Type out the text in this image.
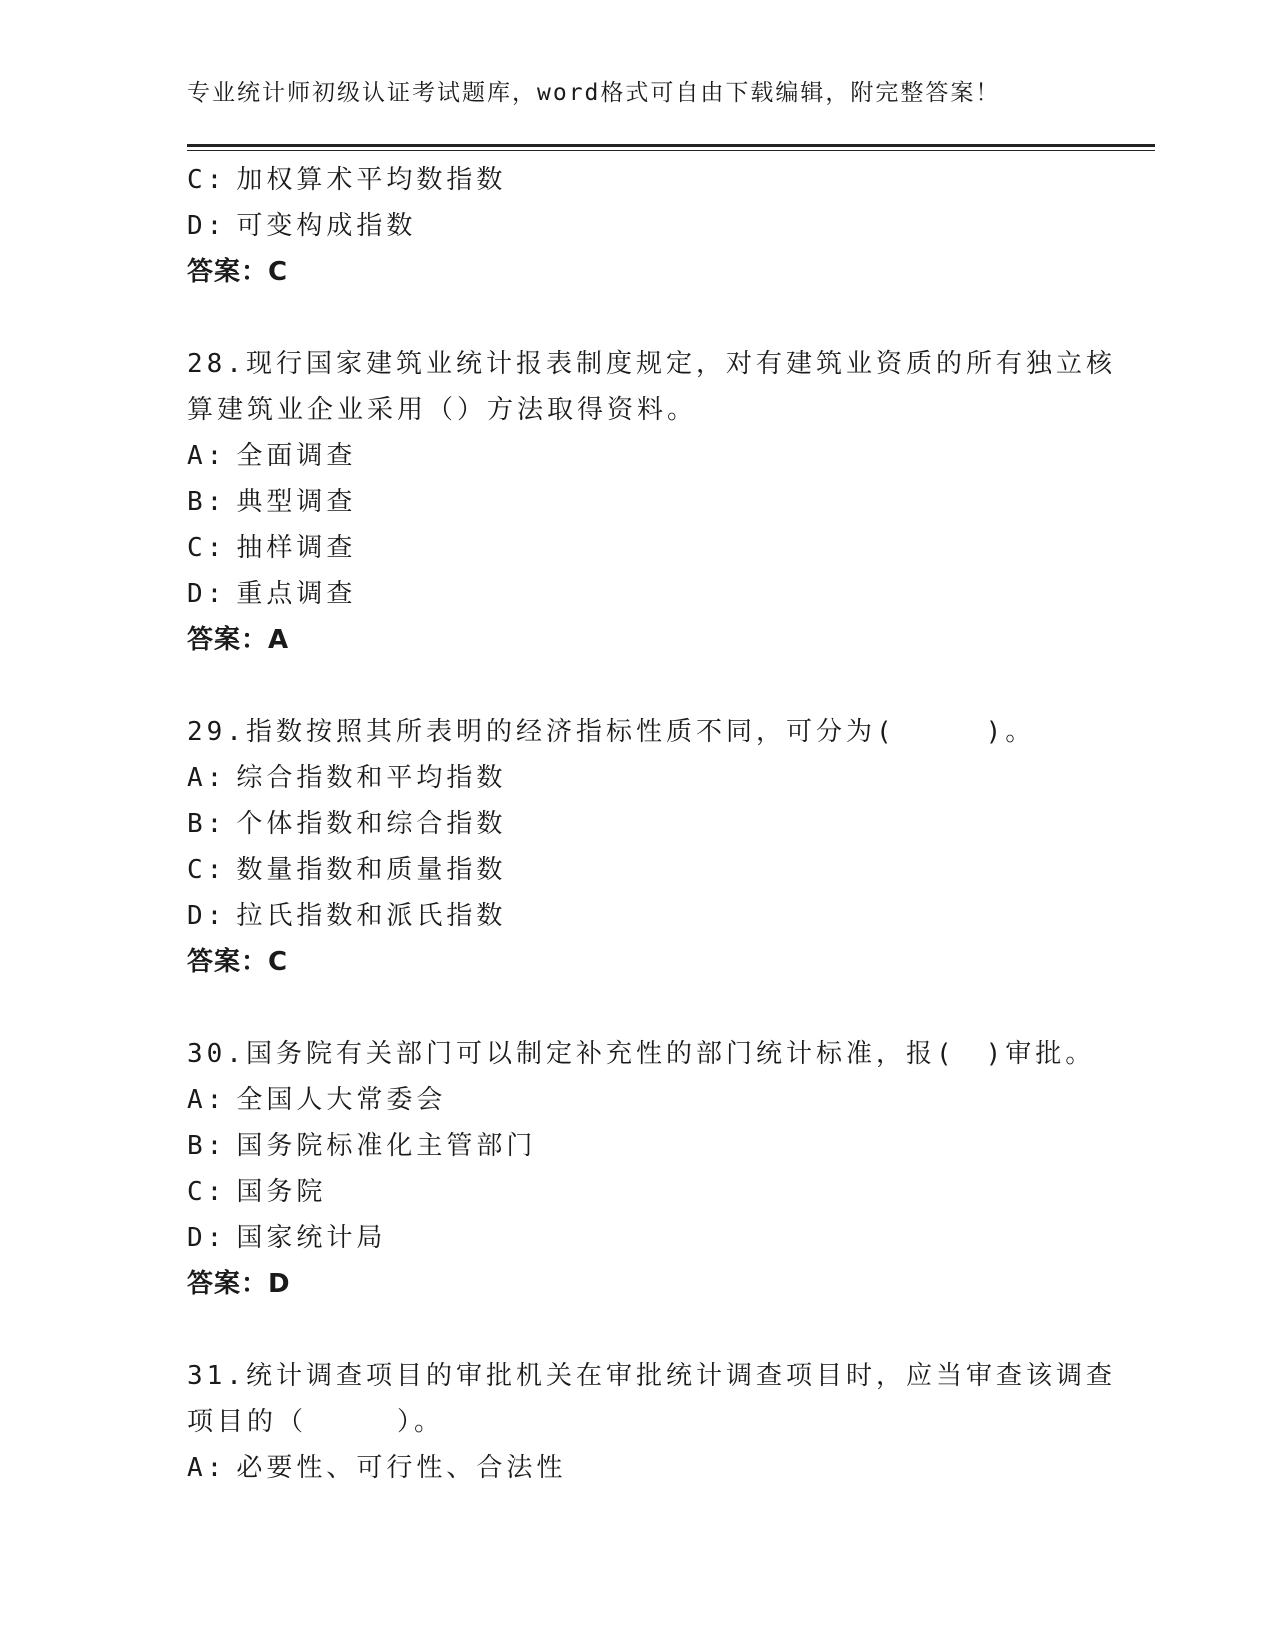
专业统计师初级认证考试题库，word格式可自由下载编辑，附完整答案！
C: 加权算术平均数指数
D: 可变构成指数
答案：C
28.现行国家建筑业统计报表制度规定，对有建筑业资质的所有独立核
算建筑业企业采用（）方法取得资料。
A: 全面调查
B: 典型调查
C: 抽样调查
D: 重点调查
答案：A
29.指数按照其所表明的经济指标性质不同，可分为(　　　)。
A: 综合指数和平均指数
B: 个体指数和综合指数
C: 数量指数和质量指数
D: 拉氏指数和派氏指数
答案：C
30.国务院有关部门可以制定补充性的部门统计标准，报(　)审批。
A: 全国人大常委会
B: 国务院标准化主管部门
C: 国务院
D: 国家统计局
答案：D
31.统计调查项目的审批机关在审批统计调查项目时，应当审查该调查
项目的（　　　）。
A: 必要性、可行性、合法性
